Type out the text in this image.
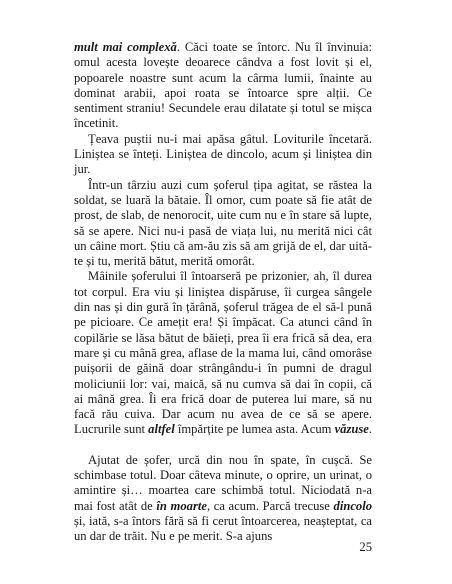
mult mai complexă. Căci toate se întorc. Nu îl învinuia: omul acesta lovește deoarece cândva a fost lovit și el, popoarele noastre sunt acum la cârma lumii, înainte au dominat arabii, apoi roata se întoarce spre alții. Ce sentiment straniu! Secundele erau dilatate și totul se mișca încetinit.

Țeava puștii nu-i mai apăsa gâtul. Loviturile încetară. Liniștea se înteți. Liniștea de dincolo, acum și liniștea din jur.

Într-un târziu auzi cum șoferul țipa agitat, se răstea la soldat, se luară la bătaie. Îl omor, cum poate să fie atât de prost, de slab, de nenorocit, uite cum nu e în stare să lupte, să se apere. Nici nu-i pasă de viața lui, nu merită nici cât un câine mort. Știu că am-ău zis să am grijă de el, dar uită-te și tu, merită bătut, merită omorât.

Mâinile șoferului îl întoarseră pe prizonier, ah, îl durea tot corpul. Era viu și liniștea dispăruse, îi curgea sângele din nas și din gură în țărână, șoferul trăgea de el să-l pună pe picioare. Ce amețit era! Și împăcat. Ca atunci când în copilărie se lăsa bătut de băieți, prea îi era frică să dea, era mare și cu mână grea, aflase de la mama lui, când omorâse puișorii de găină doar strângându-i în pumni de dragul moliciunii lor: vai, maică, să nu cumva să dai în copii, că ai mână grea. Îi era frică doar de puterea lui mare, să nu facă rău cuiva. Dar acum nu avea de ce să se apere. Lucrurile sunt altfel împărțite pe lumea asta. Acum văzuse.

Ajutat de șofer, urcă din nou în spate, în cușcă. Se schimbase totul. Doar câteva minute, o oprire, un urinat, o amintire și… moartea care schimbă totul. Niciodată n-a mai fost atât de în moarte, ca acum. Parcă trecuse dincolo și, iată, s-a întors fără să fi cerut întoarcerea, neașteptat, ca un dar de trăit. Nu e pe merit. S-a ajuns

25
